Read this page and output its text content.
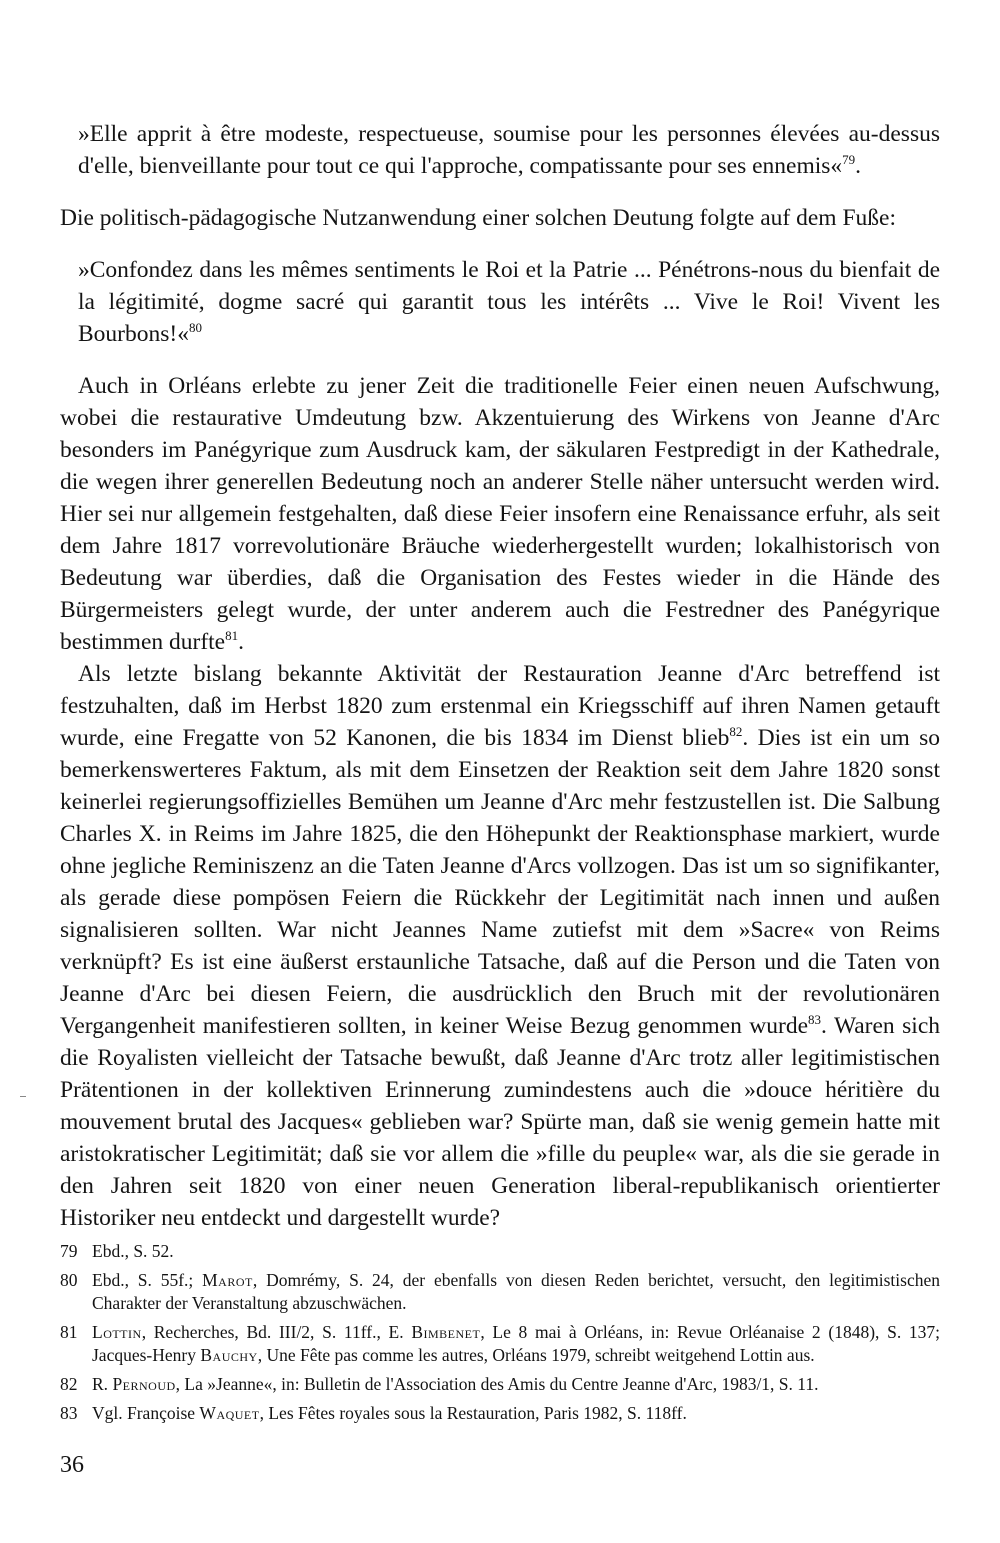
»Elle apprit à être modeste, respectueuse, soumise pour les personnes élevées au-dessus d'elle, bienveillante pour tout ce qui l'approche, compatissante pour ses ennemis«$^{79}$.

Die politisch-pädagogische Nutzanwendung einer solchen Deutung folgte auf dem Fuße:

»Confondez dans les mêmes sentiments le Roi et la Patrie ... Pénétrons-nous du bienfait de la légitimité, dogme sacré qui garantit tous les intérêts ... Vive le Roi! Vivent les Bourbons!«$^{80}$

Auch in Orléans erlebte zu jener Zeit die traditionelle Feier einen neuen Aufschwung, wobei die restaurative Umdeutung bzw. Akzentuierung des Wirkens von Jeanne d'Arc besonders im Panégyrique zum Ausdruck kam, der säkularen Festpredigt in der Kathedrale, die wegen ihrer generellen Bedeutung noch an anderer Stelle näher untersucht werden wird. Hier sei nur allgemein festgehalten, daß diese Feier insofern eine Renaissance erfuhr, als seit dem Jahre 1817 vorrevolutionäre Bräuche wiederhergestellt wurden; lokalhistorisch von Bedeutung war überdies, daß die Organisation des Festes wieder in die Hände des Bürgermeisters gelegt wurde, der unter anderem auch die Festredner des Panégyrique bestimmen durfte$^{81}$.

Als letzte bislang bekannte Aktivität der Restauration Jeanne d'Arc betreffend ist festzuhalten, daß im Herbst 1820 zum erstenmal ein Kriegsschiff auf ihren Namen getauft wurde, eine Fregatte von 52 Kanonen, die bis 1834 im Dienst blieb$^{82}$. Dies ist ein um so bemerkenswerteres Faktum, als mit dem Einsetzen der Reaktion seit dem Jahre 1820 sonst keinerlei regierungsoffizielles Bemühen um Jeanne d'Arc mehr festzustellen ist. Die Salbung Charles X. in Reims im Jahre 1825, die den Höhepunkt der Reaktionsphase markiert, wurde ohne jegliche Reminiszenz an die Taten Jeanne d'Arcs vollzogen. Das ist um so signifikanter, als gerade diese pompösen Feiern die Rückkehr der Legitimität nach innen und außen signalisieren sollten. War nicht Jeannes Name zutiefst mit dem »Sacre« von Reims verknüpft? Es ist eine äußerst erstaunliche Tatsache, daß auf die Person und die Taten von Jeanne d'Arc bei diesen Feiern, die ausdrücklich den Bruch mit der revolutionären Vergangenheit manifestieren sollten, in keiner Weise Bezug genommen wurde$^{83}$. Waren sich die Royalisten vielleicht der Tatsache bewußt, daß Jeanne d'Arc trotz aller legitimistischen Prätentionen in der kollektiven Erinnerung zumindestens auch die »douce héritière du mouvement brutal des Jacques« geblieben war? Spürte man, daß sie wenig gemein hatte mit aristokratischer Legitimität; daß sie vor allem die »fille du peuple« war, als die sie gerade in den Jahren seit 1820 von einer neuen Generation liberal-republikanisch orientierter Historiker neu entdeckt und dargestellt wurde?

79 Ebd., S. 52.
80 Ebd., S. 55f.; Marot, Domrémy, S. 24, der ebenfalls von diesen Reden berichtet, versucht, den legitimistischen Charakter der Veranstaltung abzuschwächen.
81 Lottin, Recherches, Bd. III/2, S. 11ff., E. Bimbenet, Le 8 mai à Orléans, in: Revue Orléanaise 2 (1848), S. 137; Jacques-Henry Bauchy, Une Fête pas comme les autres, Orléans 1979, schreibt weitgehend Lottin aus.
82 R. Pernoud, La »Jeanne«, in: Bulletin de l'Association des Amis du Centre Jeanne d'Arc, 1983/1, S. 11.
83 Vgl. Françoise Waquet, Les Fêtes royales sous la Restauration, Paris 1982, S. 118ff.
36
